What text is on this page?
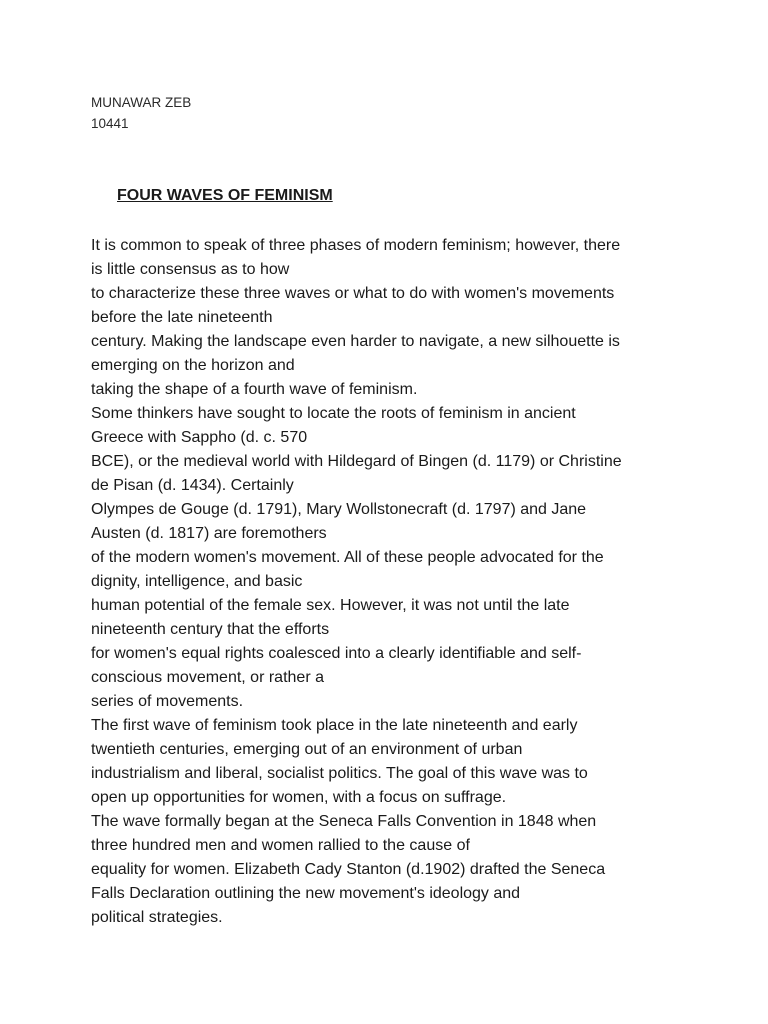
MUNAWAR ZEB
10441
FOUR WAVES OF FEMINISM
It is common to speak of three phases of modern feminism; however, there
is little consensus as to how
to characterize these three waves or what to do with women's movements
before the late nineteenth
century. Making the landscape even harder to navigate, a new silhouette is
emerging on the horizon and
taking the shape of a fourth wave of feminism.
Some thinkers have sought to locate the roots of feminism in ancient
Greece with Sappho (d. c. 570
BCE), or the medieval world with Hildegard of Bingen (d. 1179) or Christine
de Pisan (d. 1434). Certainly
Olympes de Gouge (d. 1791), Mary Wollstonecraft (d. 1797) and Jane
Austen (d. 1817) are foremothers
of the modern women's movement. All of these people advocated for the
dignity, intelligence, and basic
human potential of the female sex. However, it was not until the late
nineteenth century that the efforts
for women's equal rights coalesced into a clearly identifiable and self-
conscious movement, or rather a
series of movements.
The first wave of feminism took place in the late nineteenth and early
twentieth centuries, emerging out of an environment of urban
industrialism and liberal, socialist politics. The goal of this wave was to
open up opportunities for women, with a focus on suffrage.
The wave formally began at the Seneca Falls Convention in 1848 when
three hundred men and women rallied to the cause of
equality for women. Elizabeth Cady Stanton (d.1902) drafted the Seneca
Falls Declaration outlining the new movement's ideology and
political strategies.
